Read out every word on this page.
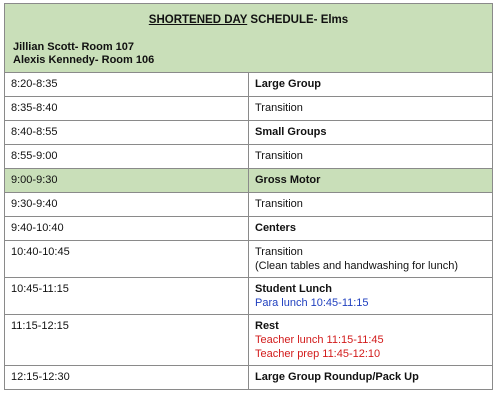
SHORTENED DAY SCHEDULE- Elms
Jillian Scott- Room 107
Alexis Kennedy- Room 106	

8:20-8:35	Large Group
8:35-8:40	Transition
8:40-8:55	Small Groups
8:55-9:00	Transition
9:00-9:30	Gross Motor
9:30-9:40	Transition
9:40-10:40	Centers
10:40-10:45	Transition
(Clean tables and handwashing for lunch)

10:45-11:15	Student Lunch
Para lunch 10:45-11:15

11:15-12:15	Rest
Teacher lunch 11:15-11:45
Teacher prep 11:45-12:10

12:15-12:30	Large Group Roundup/Pack Up
